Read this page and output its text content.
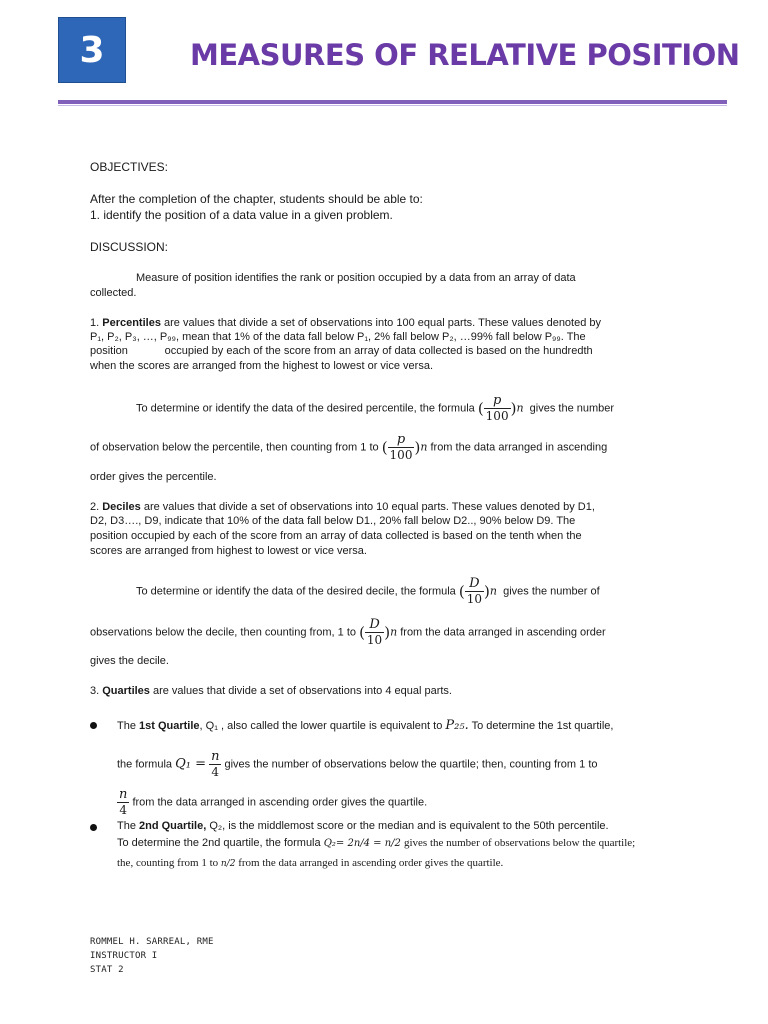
3	MEASURES OF RELATIVE POSITION
OBJECTIVES:
After the completion of the chapter, students should be able to:
1. identify the position of a data value in a given problem.
DISCUSSION:
Measure of position identifies the rank or position occupied by a data from an array of data
collected.
1. Percentiles are values that divide a set of observations into 100 equal parts. These values denoted by
P₁, P₂, P₃, …, P₉₉, mean that 1% of the data fall below P₁, 2% fall below P₂, …99% fall below P₉₉. The
position            occupied by each of the score from an array of data collected is based on the hundredth
when the scores are arranged from the highest to lowest or vice versa.
To determine or identify the data of the desired percentile, the formula ( $\frac{p}{100} )n$ gives the number
of observation below the percentile, then counting from 1 to ( $\frac{p}{100} )n$ from the data arranged in ascending
order gives the percentile.
2. Deciles are values that divide a set of observations into 10 equal parts. These values denoted by D1,
D2, D3…., D9, indicate that 10% of the data fall below D1., 20% fall below D2.., 90% below D9. The
position occupied by each of the score from an array of data collected is based on the tenth when the
scores are arranged from highest to lowest or vice versa.
To determine or identify the data of the desired decile, the formula ( $\frac{D}{10} )n$ gives the number of
observations below the decile, then counting from, 1 to ( $\frac{D}{10} )n$ from the data arranged in ascending order
gives the decile.
3. Quartiles are values that divide a set of observations into 4 equal parts.
The 1st Quartile, Q₁ , also called the lower quartile is equivalent to P₂₅. To determine the 1st quartile,
the formula $Q_1 = \frac{n}{4}$ gives the number of observations below the quartile; then, counting from 1 to
$\frac{n}{4}$ from the data arranged in ascending order gives the quartile.
The 2nd Quartile, Q₂, is the middlemost score or the median and is equivalent to the 50th percentile.
To determine the 2nd quartile, the formula Q₂= 2n/4 = n/2 gives the number of observations below the quartile;
the, counting from 1 to n/2 from the data arranged in ascending order gives the quartile.
ROMMEL H. SARREAL, RME
INSTRUCTOR I
STAT 2
